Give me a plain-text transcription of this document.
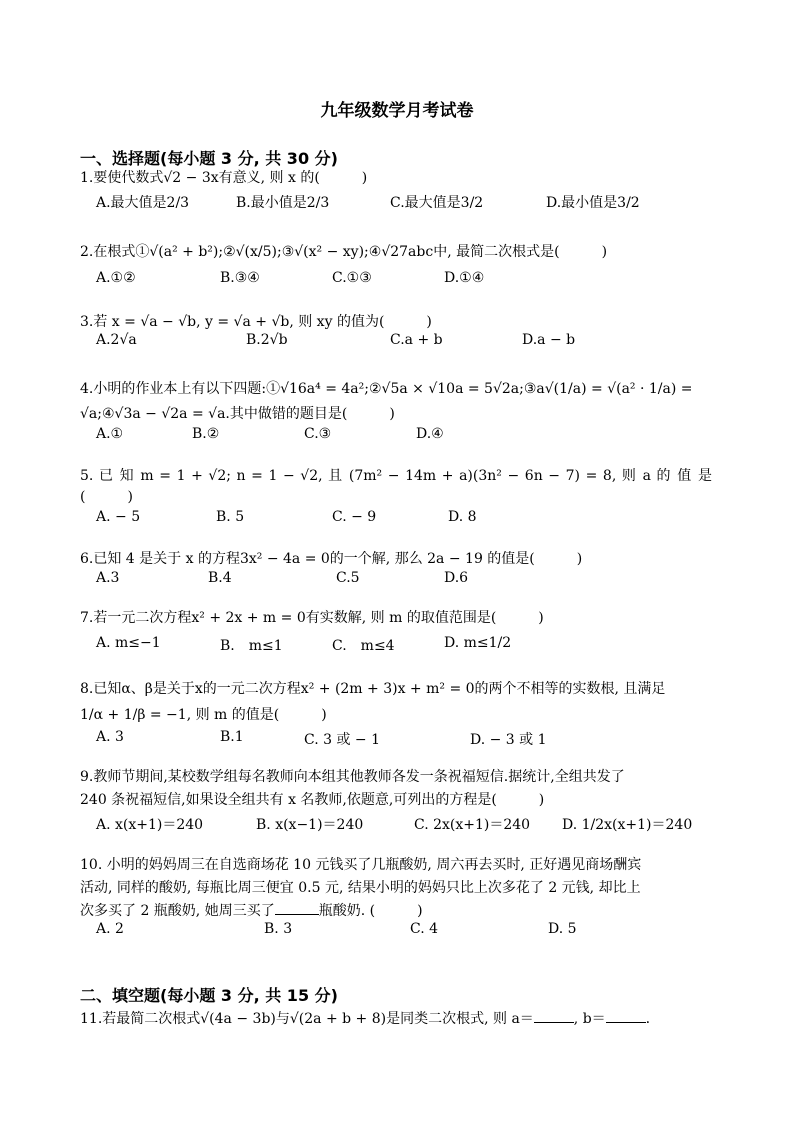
九年级数学月考试卷
一、选择题(每小题 3 分, 共 30 分)
1.要使代数式√2 − 3x有意义, 则 x 的(　　　)
A.最大值是2/3	B.最小值是2/3	C.最大值是3/2	D.最小值是3/2
2.在根式①√(a² + b²);②√(x/5);③√(x² − xy);④√27abc中, 最简二次根式是(　　　)
A.①②	B.③④	C.①③	D.①④
3.若 x = √a − √b, y = √a + √b, 则 xy 的值为(　　　)
A.2√a	B.2√b	C.a + b	D.a − b
4.小明的作业本上有以下四题:①√16a⁴ = 4a²;②√5a × √10a = 5√2a;③a√(1/a) = √(a² · 1/a) =
√a;④√3a − √2a = √a.其中做错的题目是(　　　)
A.①	B.②	C.③	D.④
5. 已 知 m = 1 + √2; n = 1 − √2, 且 (7m² − 14m + a)(3n² − 6n − 7) = 8, 则 a 的 值 是
(　　　)
A. − 5	B. 5	C. − 9	D. 8
6.已知 4 是关于 x 的方程3x² − 4a = 0的一个解, 那么 2a − 19 的值是(　　　)
A.3	B.4	C.5	D.6
7.若一元二次方程x² + 2x + m = 0有实数解, 则 m 的取值范围是(　　　)
A. m≤−1	B.　m≤1	C.　m≤4	D. m≤1/2
8.已知α、β是关于x的一元二次方程x² + (2m + 3)x + m² = 0的两个不相等的实数根, 且满足
1/α + 1/β = −1, 则 m 的值是(　　　)
A. 3	B.1	C. 3 或 − 1	D. − 3 或 1
9.教师节期间,某校数学组每名教师向本组其他教师各发一条祝福短信.据统计,全组共发了
240 条祝福短信,如果设全组共有 x 名教师,依题意,可列出的方程是(　　　)
A. x(x+1)＝240	B. x(x−1)＝240	C. 2x(x+1)＝240 D. 1/2x(x+1)＝240
10. 小明的妈妈周三在自选商场花 10 元钱买了几瓶酸奶, 周六再去买时, 正好遇见商场酬宾
活动, 同样的酸奶, 每瓶比周三便宜 0.5 元, 结果小明的妈妈只比上次多花了 2 元钱, 却比上
次多买了 2 瓶酸奶, 她周三买了	瓶酸奶. (　　　)
A. 2	B. 3	C. 4	D. 5
二、填空题(每小题 3 分, 共 15 分)
11.若最简二次根式√(4a − 3b)与√(2a + b + 8)是同类二次根式, 则 a＝	, b＝	.
